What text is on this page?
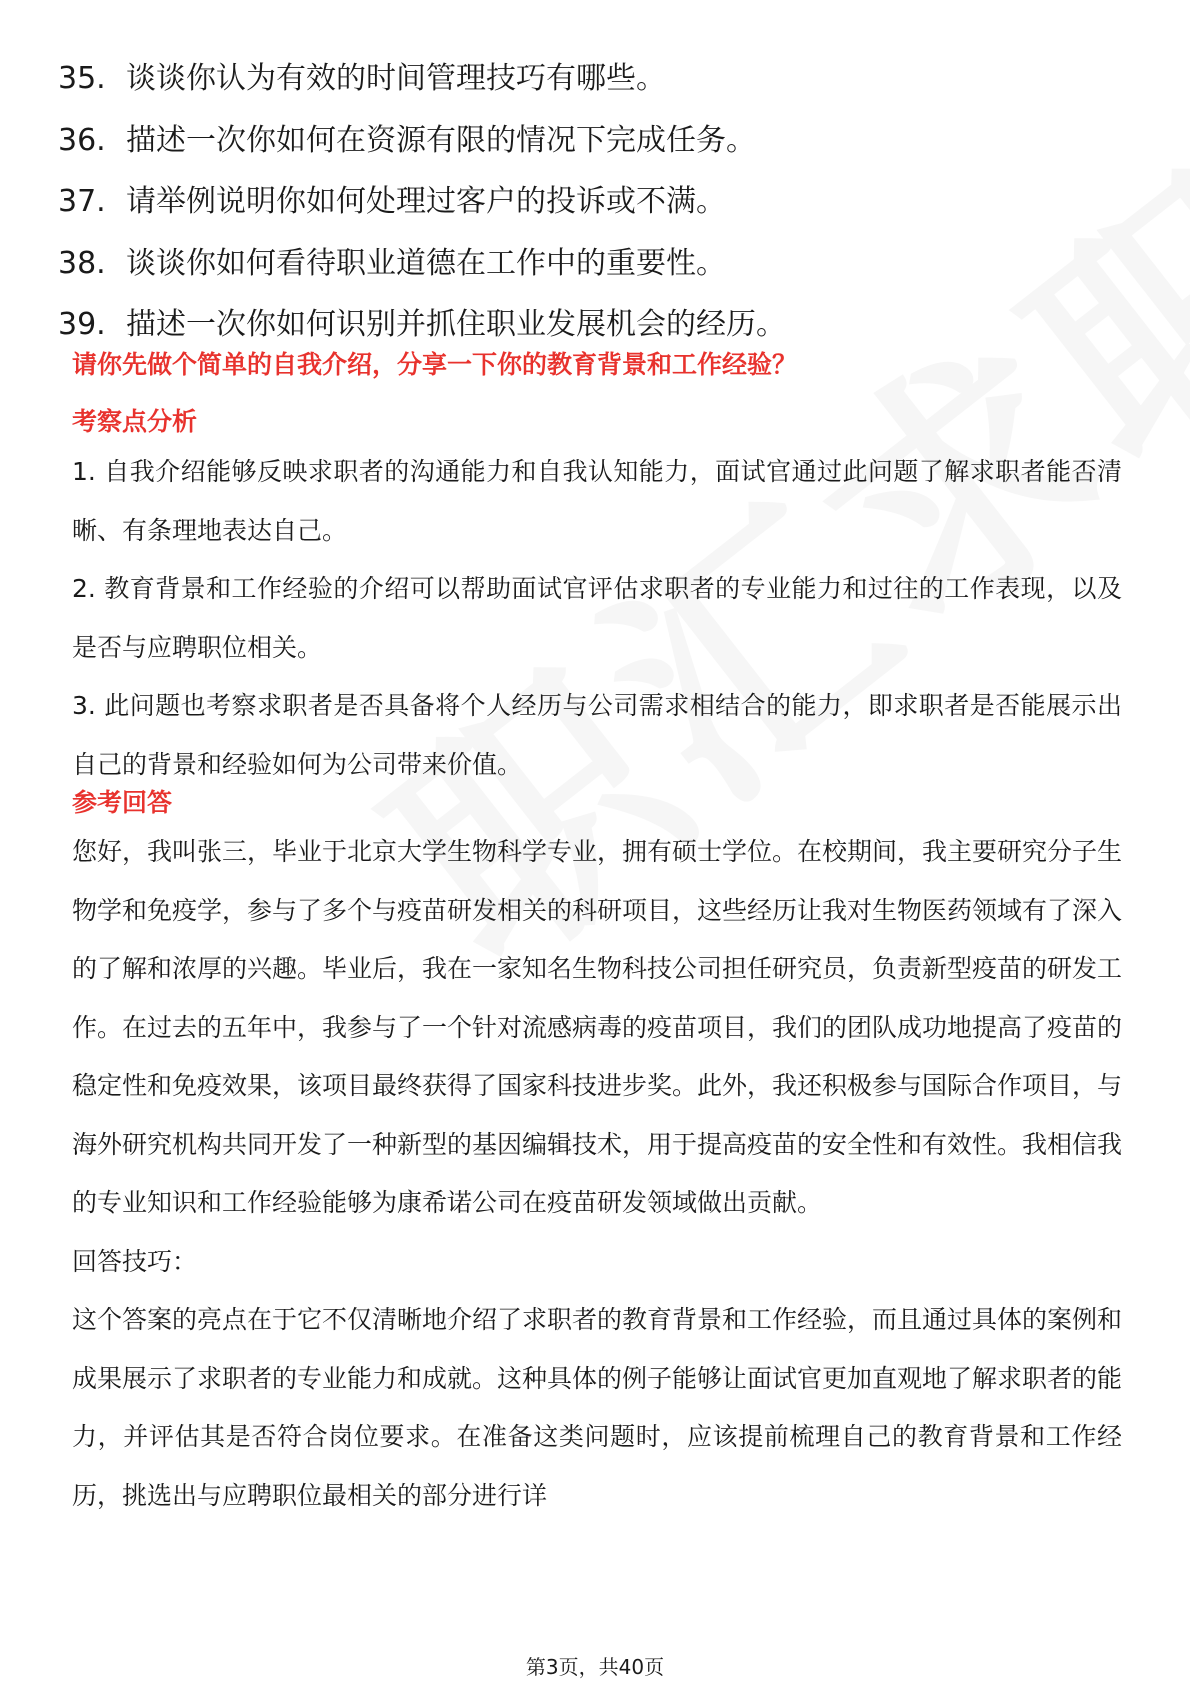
35. 谈谈你认为有效的时间管理技巧有哪些。
36. 描述一次你如何在资源有限的情况下完成任务。
37. 请举例说明你如何处理过客户的投诉或不满。
38. 谈谈你如何看待职业道德在工作中的重要性。
39. 描述一次你如何识别并抓住职业发展机会的经历。
请你先做个简单的自我介绍，分享一下你的教育背景和工作经验？
考察点分析

1. 自我介绍能够反映求职者的沟通能力和自我认知能力，面试官通过此问题了解求职者能否清晰、有条理地表达自己。

2. 教育背景和工作经验的介绍可以帮助面试官评估求职者的专业能力和过往的工作表现，以及是否与应聘职位相关。

3. 此问题也考察求职者是否具备将个人经历与公司需求相结合的能力，即求职者是否能展示出自己的背景和经验如何为公司带来价值。

参考回答

您好，我叫张三，毕业于北京大学生物科学专业，拥有硕士学位。在校期间，我主要研究分子生物学和免疫学，参与了多个与疫苗研发相关的科研项目，这些经历让我对生物医药领域有了深入的了解和浓厚的兴趣。毕业后，我在一家知名生物科技公司担任研究员，负责新型疫苗的研发工作。在过去的五年中，我参与了一个针对流感病毒的疫苗项目，我们的团队成功地提高了疫苗的稳定性和免疫效果，该项目最终获得了国家科技进步奖。此外，我还积极参与国际合作项目，与海外研究机构共同开发了一种新型的基因编辑技术，用于提高疫苗的安全性和有效性。我相信我的专业知识和工作经验能够为康希诺公司在疫苗研发领域做出贡献。

回答技巧：

这个答案的亮点在于它不仅清晰地介绍了求职者的教育背景和工作经验，而且通过具体的案例和成果展示了求职者的专业能力和成就。这种具体的例子能够让面试官更加直观地了解求职者的能力，并评估其是否符合岗位要求。在准备这类问题时，应该提前梳理自己的教育背景和工作经历，挑选出与应聘职位最相关的部分进行详

第3页，共40页
